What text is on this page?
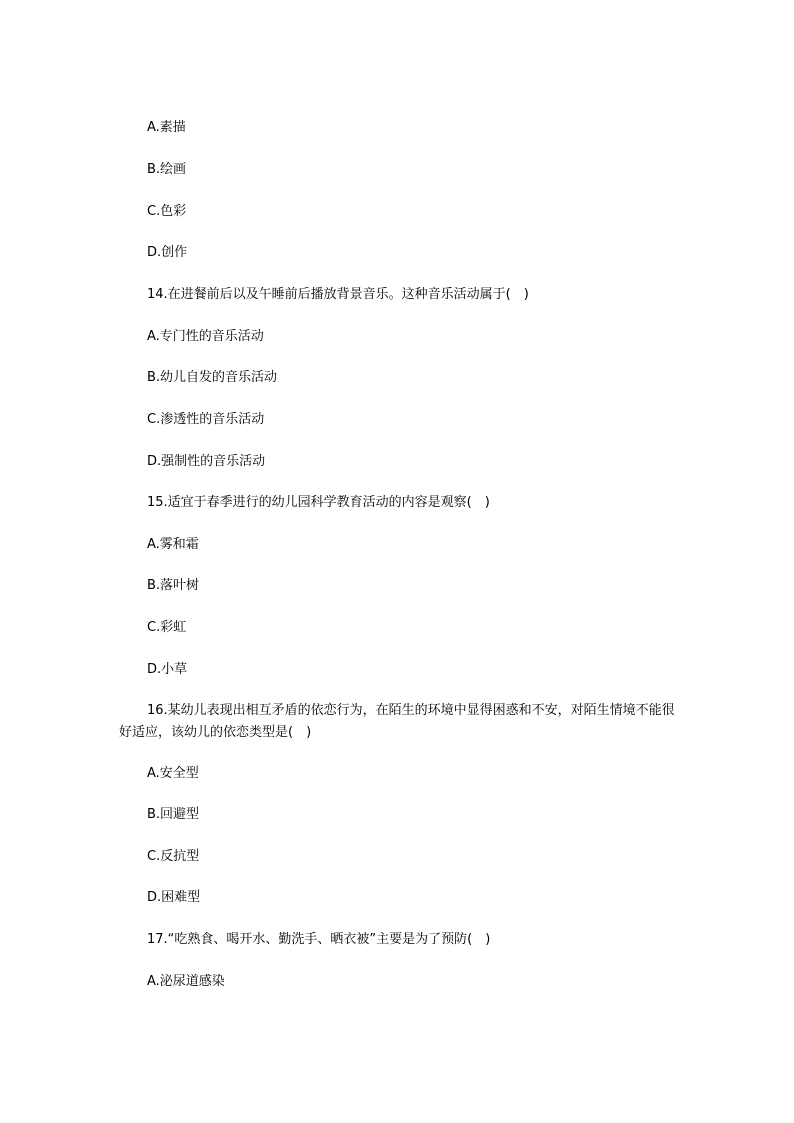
A.素描
B.绘画
C.色彩
D.创作
14.在进餐前后以及午睡前后播放背景音乐。这种音乐活动属于(　)
A.专门性的音乐活动
B.幼儿自发的音乐活动
C.渗透性的音乐活动
D.强制性的音乐活动
15.适宜于春季进行的幼儿园科学教育活动的内容是观察(　)
A.雾和霜
B.落叶树
C.彩虹
D.小草
16.某幼儿表现出相互矛盾的依恋行为，在陌生的环境中显得困惑和不安，对陌生情境不能很好适应，该幼儿的依恋类型是(　)
A.安全型
B.回避型
C.反抗型
D.困难型
17.“吃熟食、喝开水、勤洗手、晒衣被”主要是为了预防(　)
A.泌尿道感染
